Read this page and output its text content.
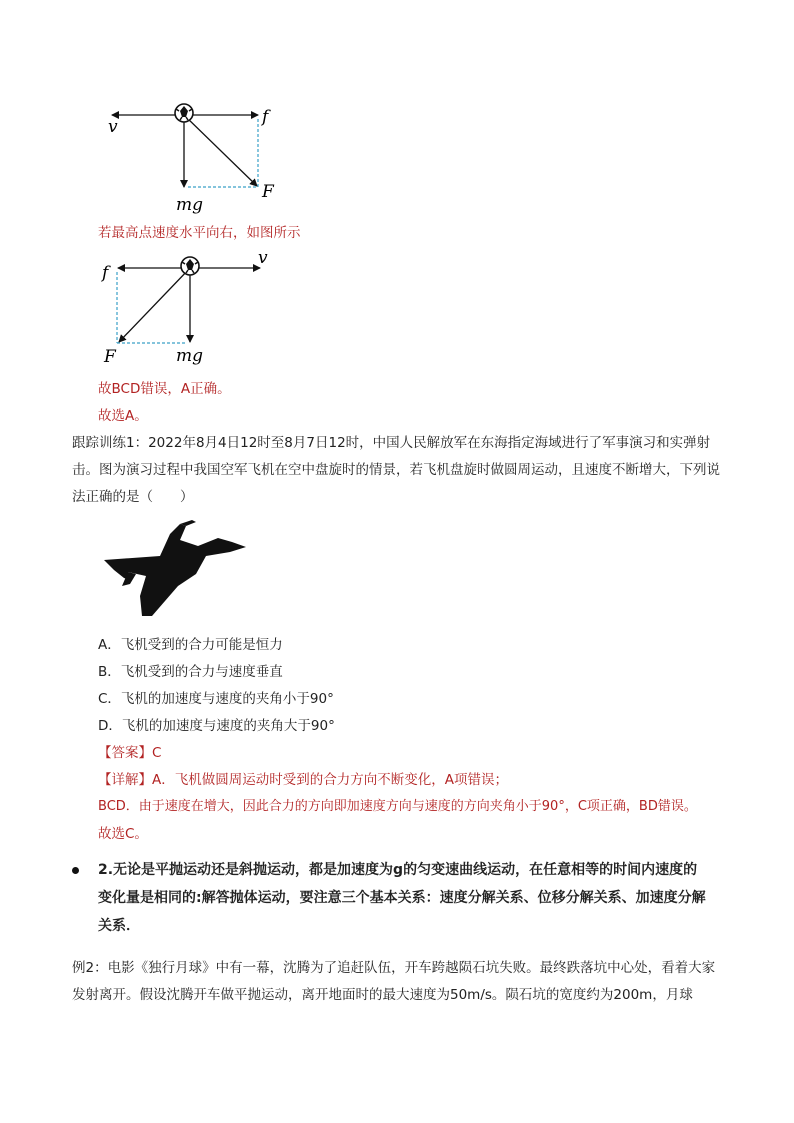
v	f
mg
F
若最高点速度水平向右，如图所示
f
v
F	mg
故BCD错误，A正确。
故选A。
跟踪训练1：2022年8月4日12时至8月7日12时，中国人民解放军在东海指定海域进行了军事演习和实弹射击。图为演习过程中我国空军飞机在空中盘旋时的情景，若飞机盘旋时做圆周运动，且速度不断增大，下列说法正确的是（　　）
A．飞机受到的合力可能是恒力
B．飞机受到的合力与速度垂直
C．飞机的加速度与速度的夹角小于90°
D．飞机的加速度与速度的夹角大于90°
【答案】C
【详解】A．飞机做圆周运动时受到的合力方向不断变化，A项错误；
BCD．由于速度在增大，因此合力的方向即加速度方向与速度的方向夹角小于90°，C项正确，BD错误。
故选C。
2.无论是平抛运动还是斜抛运动，都是加速度为g的匀变速曲线运动，在任意相等的时间内速度的变化量是相同的:解答抛体运动，要注意三个基本关系：速度分解关系、位移分解关系、加速度分解关系．
例2：电影《独行月球》中有一幕，沈腾为了追赶队伍，开车跨越陨石坑失败。最终跌落坑中心处，看着大家发射离开。假设沈腾开车做平抛运动，离开地面时的最大速度为50m/s。陨石坑的宽度约为200m，月球
